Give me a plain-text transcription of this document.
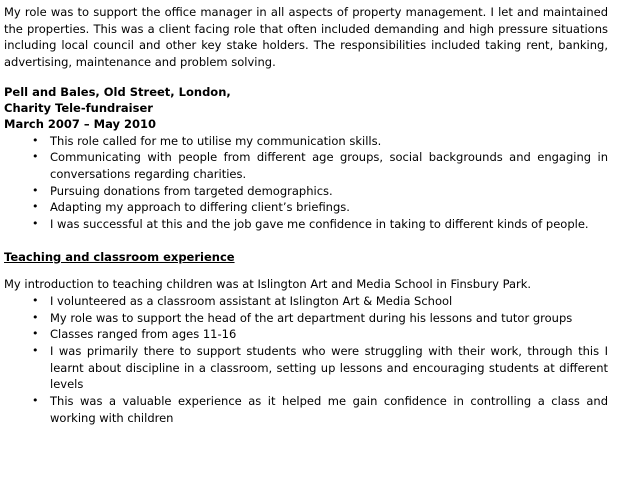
My role was to support the office manager in all aspects of property management. I let and maintained the properties. This was a client facing role that often included demanding and high pressure situations including local council and other key stake holders. The responsibilities included taking rent, banking, advertising, maintenance and problem solving.

Pell and Bales, Old Street, London,
Charity Tele-fundraiser
March 2007 – May 2010
• This role called for me to utilise my communication skills.
• Communicating with people from different age groups, social backgrounds and engaging in conversations regarding charities.
• Pursuing donations from targeted demographics.
• Adapting my approach to differing client’s briefings.
• I was successful at this and the job gave me confidence in taking to different kinds of people.
Teaching and classroom experience

My introduction to teaching children was at Islington Art and Media School in Finsbury Park.

• I volunteered as a classroom assistant at Islington Art & Media School
• My role was to support the head of the art department during his lessons and tutor groups
• Classes ranged from ages 11-16
• I was primarily there to support students who were struggling with their work, through this I learnt about discipline in a classroom, setting up lessons and encouraging students at different levels
• This was a valuable experience as it helped me gain confidence in controlling a class and working with children
